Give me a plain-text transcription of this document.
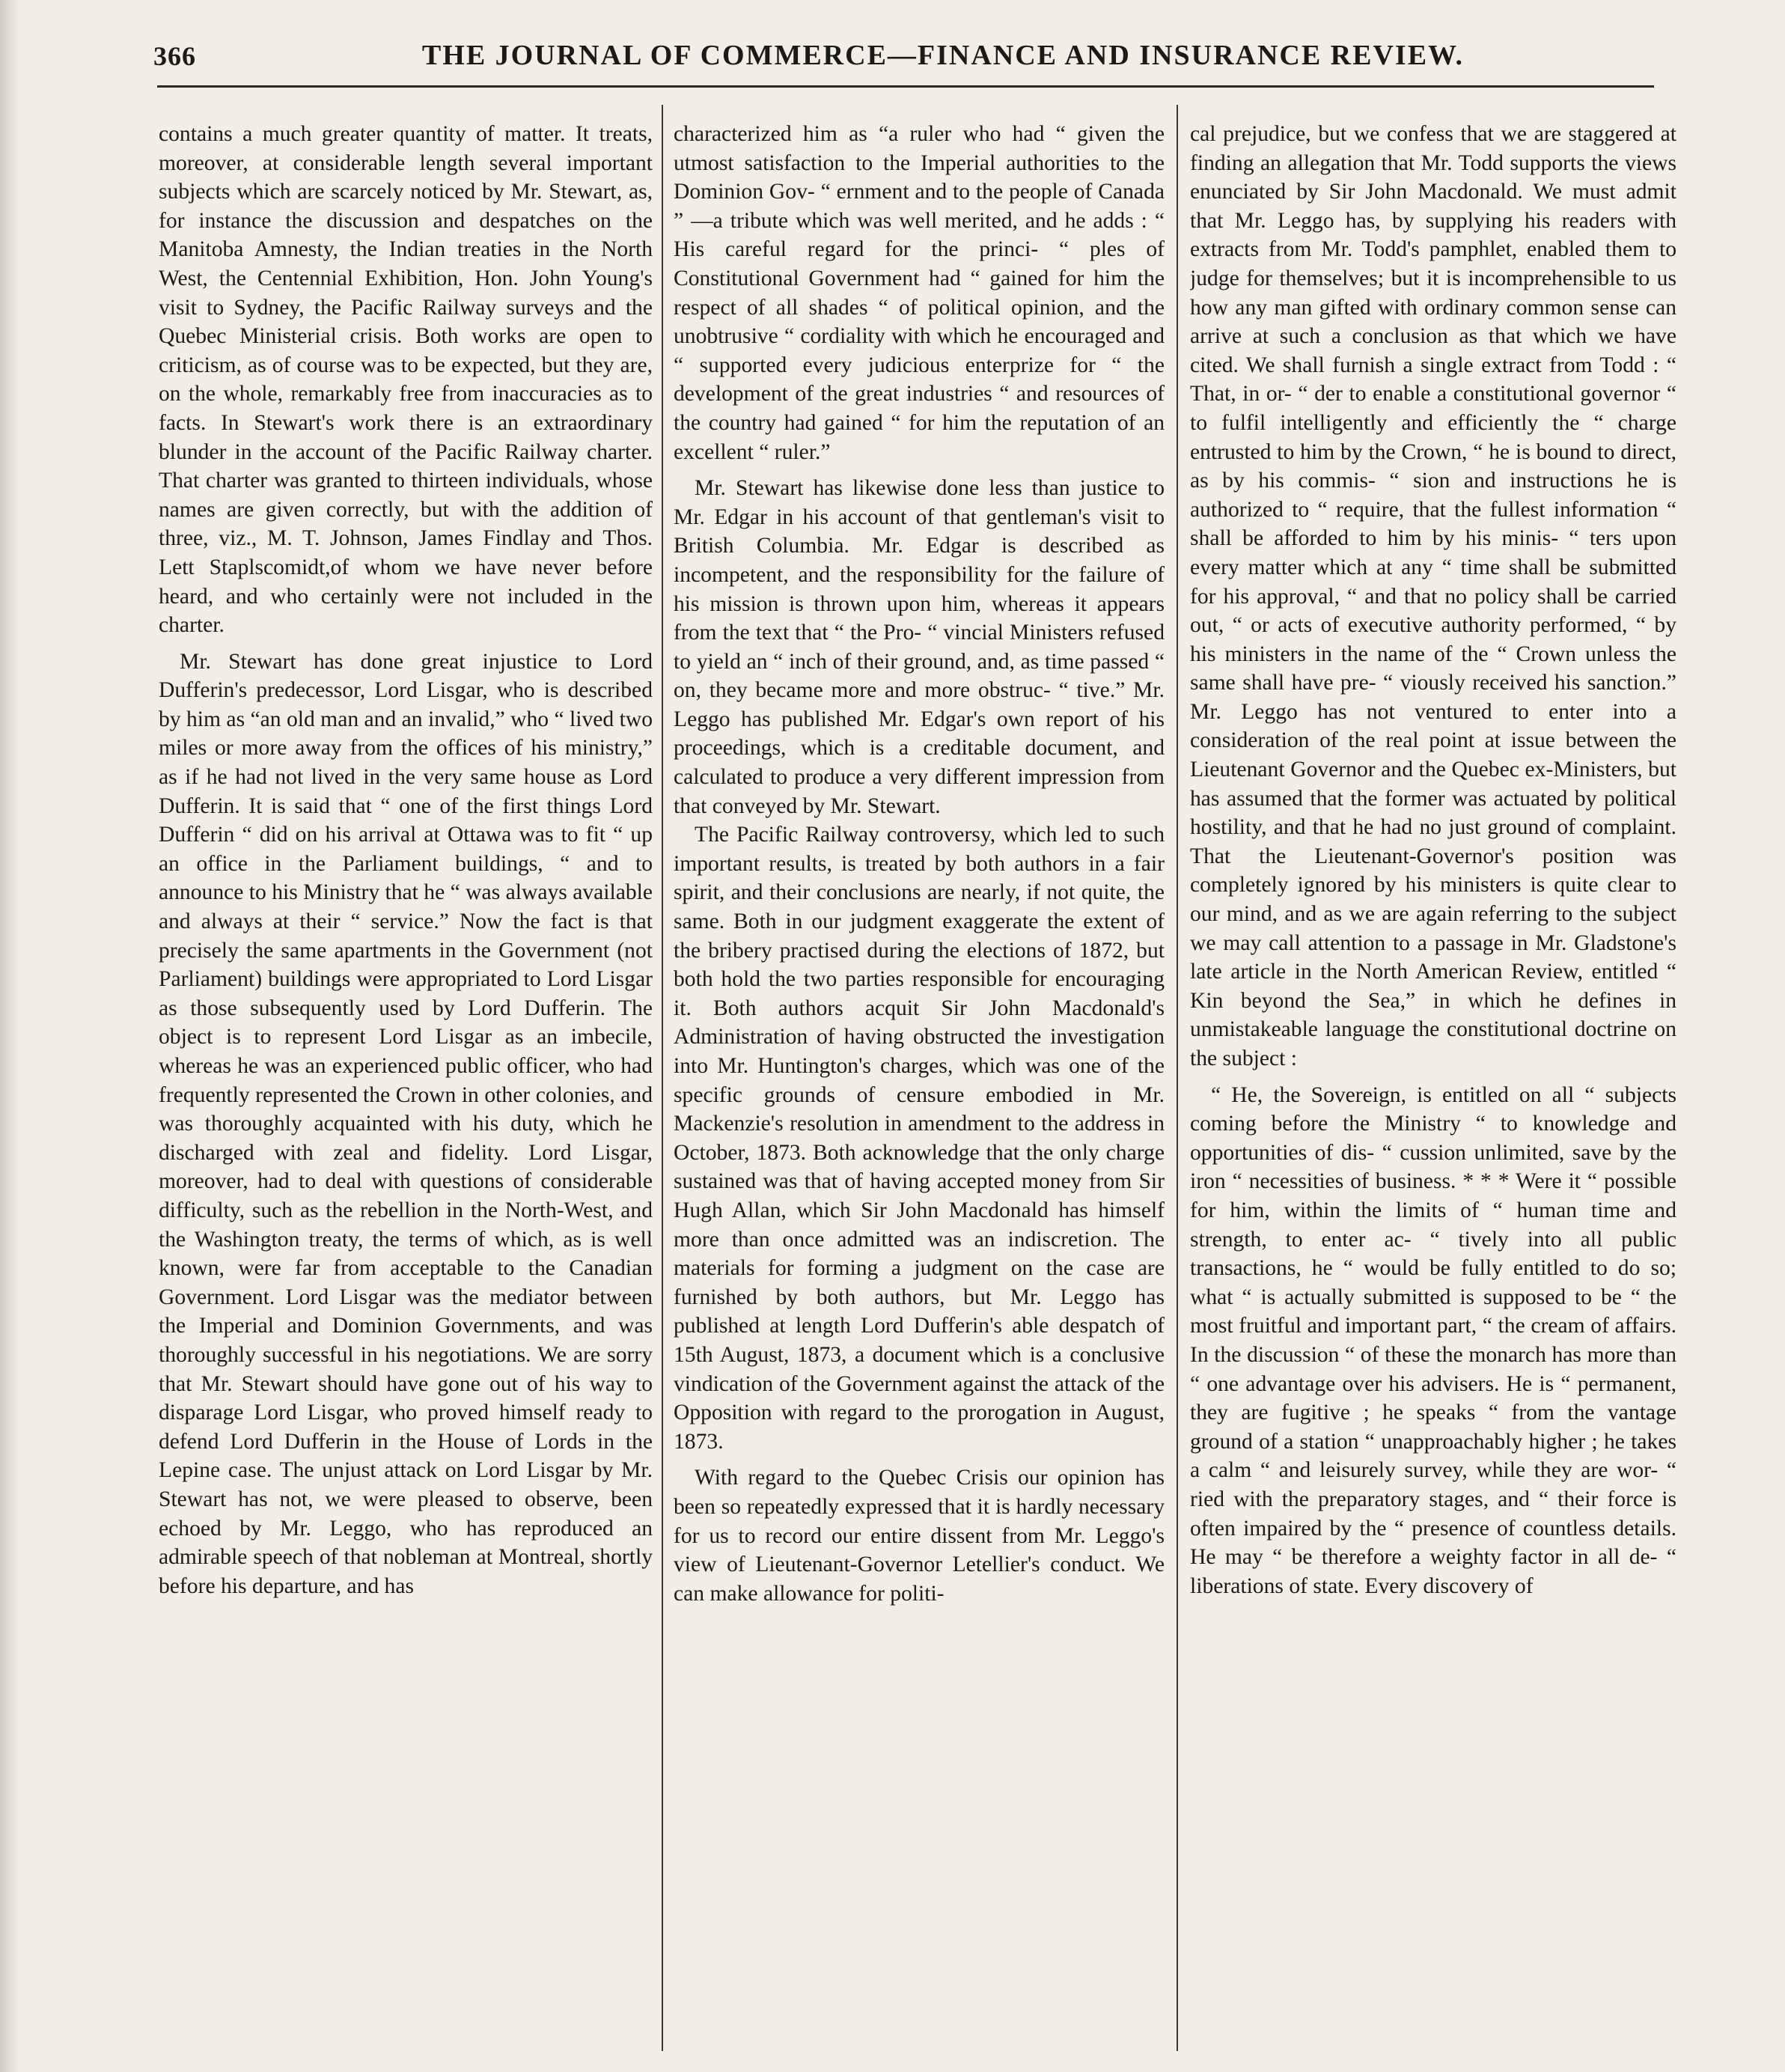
366	THE JOURNAL OF COMMERCE—FINANCE AND INSURANCE REVIEW.

contains a much greater quantity of matter. It treats, moreover, at considerable length several important subjects which are scarcely noticed by Mr. Stewart, as, for instance the discussion and despatches on the Manitoba Amnesty, the Indian treaties in the North West, the Centennial Exhibition, Hon. John Young's visit to Sydney, the Pacific Railway surveys and the Quebec Ministerial crisis. Both works are open to criticism, as of course was to be expected, but they are, on the whole, remarkably free from inaccuracies as to facts. In Stewart's work there is an extraordinary blunder in the account of the Pacific Railway charter. That charter was granted to thirteen individuals, whose names are given correctly, but with the addition of three, viz., M. T. Johnson, James Findlay and Thos. Lett Staplscomidt,of whom we have never before heard, and who certainly were not included in the charter.

Mr. Stewart has done great injustice to Lord Dufferin's predecessor, Lord Lisgar, who is described by him as “an old man and an invalid,” who “ lived two miles or more away from the offices of his ministry,” as if he had not lived in the very same house as Lord Dufferin. It is said that “ one of the first things Lord Dufferin “ did on his arrival at Ottawa was to fit “ up an office in the Parliament buildings, “ and to announce to his Ministry that he “ was always available and always at their “ service.” Now the fact is that precisely the same apartments in the Government (not Parliament) buildings were appropriated to Lord Lisgar as those subsequently used by Lord Dufferin. The object is to represent Lord Lisgar as an imbecile, whereas he was an experienced public officer, who had frequently represented the Crown in other colonies, and was thoroughly acquainted with his duty, which he discharged with zeal and fidelity. Lord Lisgar, moreover, had to deal with questions of considerable difficulty, such as the rebellion in the North-West, and the Washington treaty, the terms of which, as is well known, were far from acceptable to the Canadian Government. Lord Lisgar was the mediator between the Imperial and Dominion Governments, and was thoroughly successful in his negotiations. We are sorry that Mr. Stewart should have gone out of his way to disparage Lord Lisgar, who proved himself ready to defend Lord Dufferin in the House of Lords in the Lepine case. The unjust attack on Lord Lisgar by Mr. Stewart has not, we were pleased to observe, been echoed by Mr. Leggo, who has reproduced an admirable speech of that nobleman at Montreal, shortly before his departure, and has

characterized him as “a ruler who had “ given the utmost satisfaction to the Imperial authorities to the Dominion Gov- “ ernment and to the people of Canada ” —a tribute which was well merited, and he adds : “ His careful regard for the princi- “ ples of Constitutional Government had “ gained for him the respect of all shades “ of political opinion, and the unobtrusive “ cordiality with which he encouraged and “ supported every judicious enterprize for “ the development of the great industries “ and resources of the country had gained “ for him the reputation of an excellent “ ruler.”

Mr. Stewart has likewise done less than justice to Mr. Edgar in his account of that gentleman's visit to British Columbia. Mr. Edgar is described as incompetent, and the responsibility for the failure of his mission is thrown upon him, whereas it appears from the text that “ the Pro- “ vincial Ministers refused to yield an “ inch of their ground, and, as time passed “ on, they became more and more obstruc- “ tive.” Mr. Leggo has published Mr. Edgar's own report of his proceedings, which is a creditable document, and calculated to produce a very different impression from that conveyed by Mr. Stewart.

The Pacific Railway controversy, which led to such important results, is treated by both authors in a fair spirit, and their conclusions are nearly, if not quite, the same. Both in our judgment exaggerate the extent of the bribery practised during the elections of 1872, but both hold the two parties responsible for encouraging it. Both authors acquit Sir John Macdonald's Administration of having obstructed the investigation into Mr. Huntington's charges, which was one of the specific grounds of censure embodied in Mr. Mackenzie's resolution in amendment to the address in October, 1873. Both acknowledge that the only charge sustained was that of having accepted money from Sir Hugh Allan, which Sir John Macdonald has himself more than once admitted was an indiscretion. The materials for forming a judgment on the case are furnished by both authors, but Mr. Leggo has published at length Lord Dufferin's able despatch of 15th August, 1873, a document which is a conclusive vindication of the Government against the attack of the Opposition with regard to the prorogation in August, 1873.

With regard to the Quebec Crisis our opinion has been so repeatedly expressed that it is hardly necessary for us to record our entire dissent from Mr. Leggo's view of Lieutenant-Governor Letellier's conduct. We can make allowance for politi-

cal prejudice, but we confess that we are staggered at finding an allegation that Mr. Todd supports the views enunciated by Sir John Macdonald. We must admit that Mr. Leggo has, by supplying his readers with extracts from Mr. Todd's pamphlet, enabled them to judge for themselves; but it is incomprehensible to us how any man gifted with ordinary common sense can arrive at such a conclusion as that which we have cited. We shall furnish a single extract from Todd : “ That, in or- “ der to enable a constitutional governor “ to fulfil intelligently and efficiently the “ charge entrusted to him by the Crown, “ he is bound to direct, as by his commis- “ sion and instructions he is authorized to “ require, that the fullest information “ shall be afforded to him by his minis- “ ters upon every matter which at any “ time shall be submitted for his approval, “ and that no policy shall be carried out, “ or acts of executive authority performed, “ by his ministers in the name of the “ Crown unless the same shall have pre- “ viously received his sanction.” Mr. Leggo has not ventured to enter into a consideration of the real point at issue between the Lieutenant Governor and the Quebec ex-Ministers, but has assumed that the former was actuated by political hostility, and that he had no just ground of complaint. That the Lieutenant-Governor's position was completely ignored by his ministers is quite clear to our mind, and as we are again referring to the subject we may call attention to a passage in Mr. Gladstone's late article in the North American Review, entitled “ Kin beyond the Sea,” in which he defines in unmistakeable language the constitutional doctrine on the subject :

“ He, the Sovereign, is entitled on all “ subjects coming before the Ministry “ to knowledge and opportunities of dis- “ cussion unlimited, save by the iron “ necessities of business. * * * Were it “ possible for him, within the limits of “ human time and strength, to enter ac- “ tively into all public transactions, he “ would be fully entitled to do so; what “ is actually submitted is supposed to be “ the most fruitful and important part, “ the cream of affairs. In the discussion “ of these the monarch has more than “ one advantage over his advisers. He is “ permanent, they are fugitive ; he speaks “ from the vantage ground of a station “ unapproachably higher ; he takes a calm “ and leisurely survey, while they are wor- “ ried with the preparatory stages, and “ their force is often impaired by the “ presence of countless details. He may “ be therefore a weighty factor in all de- “ liberations of state. Every discovery of
